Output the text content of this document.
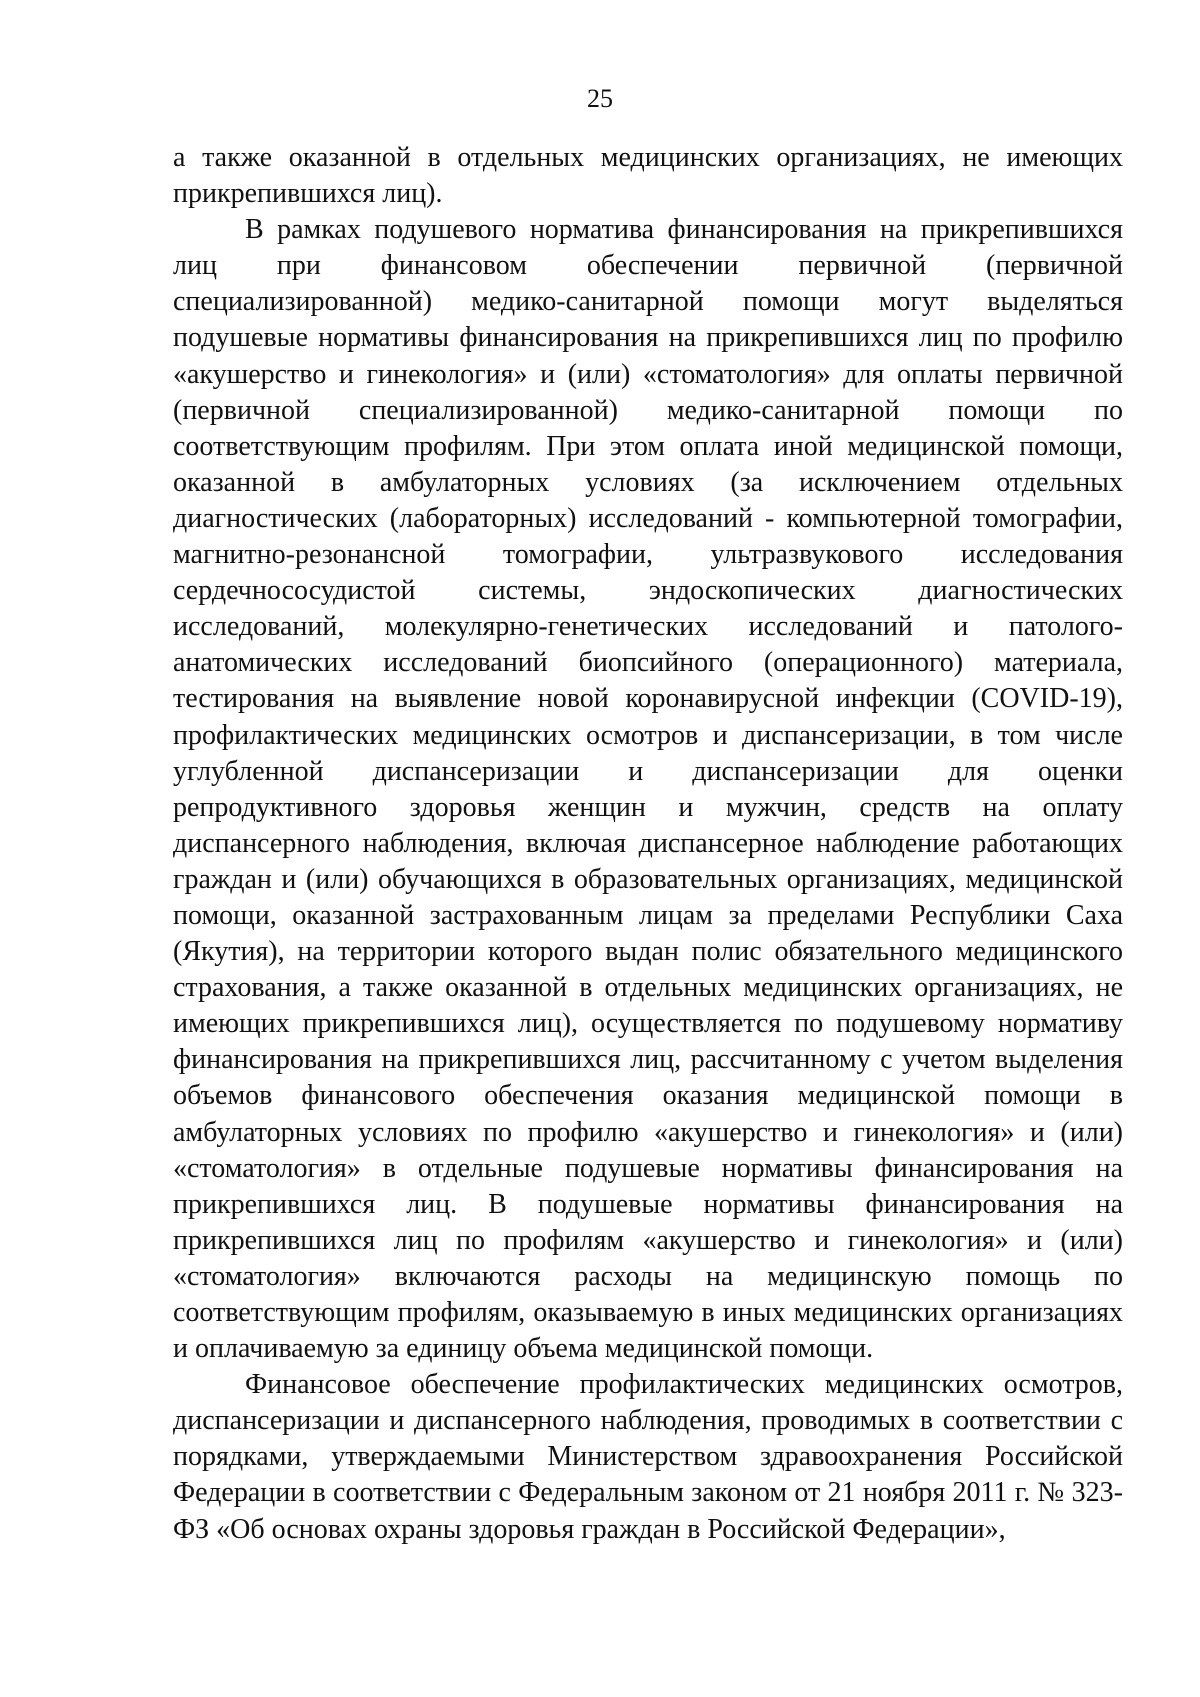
25

а также оказанной в отдельных медицинских организациях, не имеющих прикрепившихся лиц).

В рамках подушевого норматива финансирования на прикрепившихся лиц при финансовом обеспечении первичной (первичной специализированной) медико-санитарной помощи могут выделяться подушевые нормативы финансирования на прикрепившихся лиц по профилю «акушерство и гинекология» и (или) «стоматология» для оплаты первичной (первичной специализированной) медико-санитарной помощи по соответствующим профилям. При этом оплата иной медицинской помощи, оказанной в амбулаторных условиях (за исключением отдельных диагностических (лабораторных) исследований - компьютерной томографии, магнитно-резонансной томографии, ультразвукового исследования сердечнососудистой системы, эндоскопических диагностических исследований, молекулярно-генетических исследований и патолого-анатомических исследований биопсийного (операционного) материала, тестирования на выявление новой коронавирусной инфекции (COVID-19), профилактических медицинских осмотров и диспансеризации, в том числе углубленной диспансеризации и диспансеризации для оценки репродуктивного здоровья женщин и мужчин, средств на оплату диспансерного наблюдения, включая диспансерное наблюдение работающих граждан и (или) обучающихся в образовательных организациях, медицинской помощи, оказанной застрахованным лицам за пределами Республики Саха (Якутия), на территории которого выдан полис обязательного медицинского страхования, а также оказанной в отдельных медицинских организациях, не имеющих прикрепившихся лиц), осуществляется по подушевому нормативу финансирования на прикрепившихся лиц, рассчитанному с учетом выделения объемов финансового обеспечения оказания медицинской помощи в амбулаторных условиях по профилю «акушерство и гинекология» и (или) «стоматология» в отдельные подушевые нормативы финансирования на прикрепившихся лиц. В подушевые нормативы финансирования на прикрепившихся лиц по профилям «акушерство и гинекология» и (или) «стоматология» включаются расходы на медицинскую помощь по соответствующим профилям, оказываемую в иных медицинских организациях и оплачиваемую за единицу объема медицинской помощи.

Финансовое обеспечение профилактических медицинских осмотров, диспансеризации и диспансерного наблюдения, проводимых в соответствии с порядками, утверждаемыми Министерством здравоохранения Российской Федерации в соответствии с Федеральным законом от 21 ноября 2011 г. № 323-ФЗ «Об основах охраны здоровья граждан в Российской Федерации»,
